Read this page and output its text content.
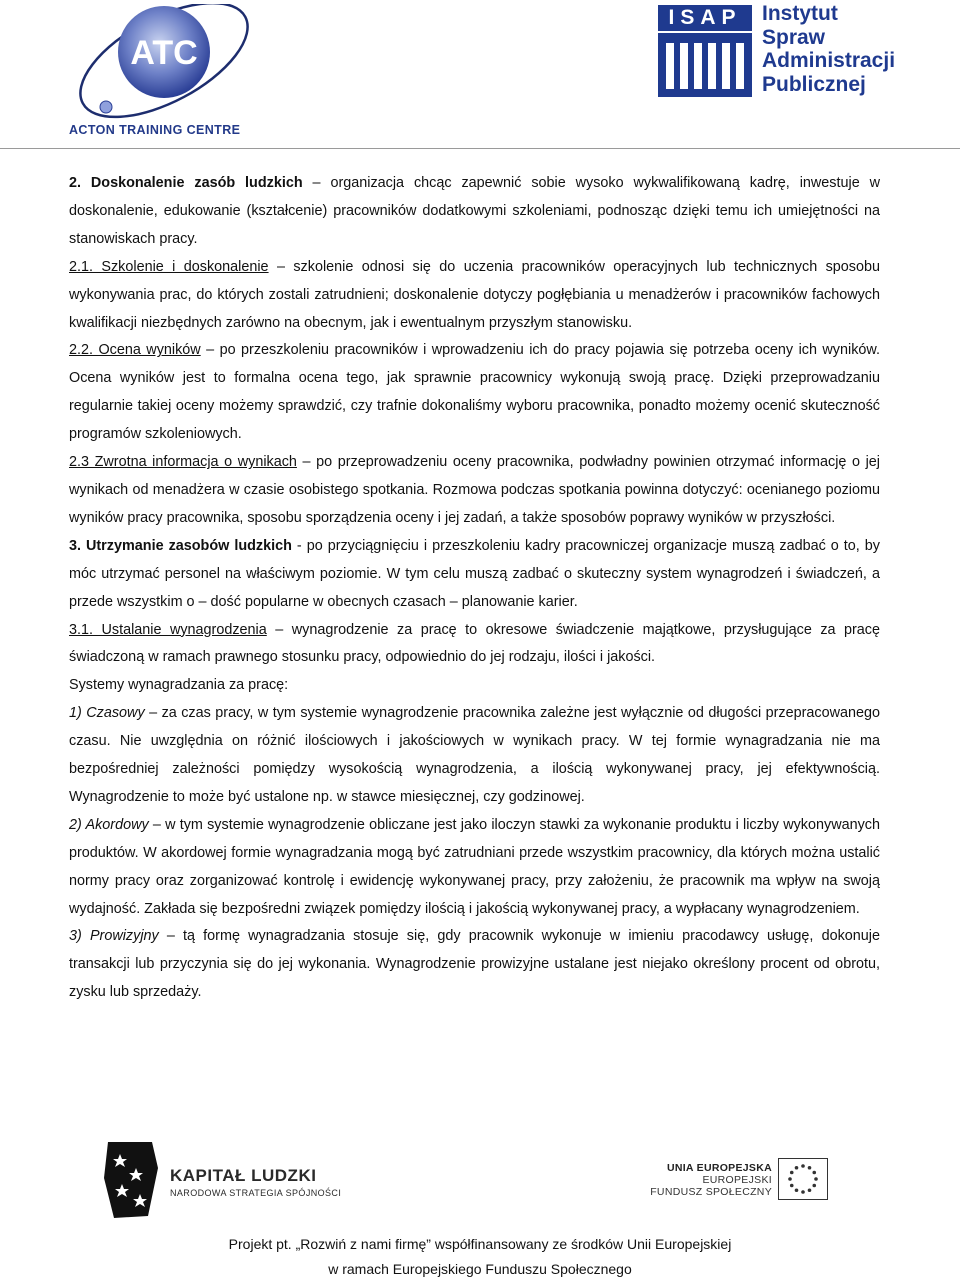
ATC
ACTON TRAINING CENTRE
ISAP Instytut
Spraw
Administracji
Publicznej

2. Doskonalenie zasób ludzkich – organizacja chcąc zapewnić sobie wysoko wykwalifikowaną kadrę, inwestuje w doskonalenie, edukowanie (kształcenie) pracowników dodatkowymi szkoleniami, podnosząc dzięki temu ich umiejętności na stanowiskach pracy.

2.1. Szkolenie i doskonalenie – szkolenie odnosi się do uczenia pracowników operacyjnych lub technicznych sposobu wykonywania prac, do których zostali zatrudnieni; doskonalenie dotyczy pogłębiania u menadżerów i pracowników fachowych kwalifikacji niezbędnych zarówno na obecnym, jak i ewentualnym przyszłym stanowisku.

2.2. Ocena wyników – po przeszkoleniu pracowników i wprowadzeniu ich do pracy pojawia się potrzeba oceny ich wyników. Ocena wyników jest to formalna ocena tego, jak sprawnie pracownicy wykonują swoją pracę. Dzięki przeprowadzaniu regularnie takiej oceny możemy sprawdzić, czy trafnie dokonaliśmy wyboru pracownika, ponadto możemy ocenić skuteczność programów szkoleniowych.

2.3 Zwrotna informacja o wynikach – po przeprowadzeniu oceny pracownika, podwładny powinien otrzymać informację o jej wynikach od menadżera w czasie osobistego spotkania. Rozmowa podczas spotkania powinna dotyczyć: ocenianego poziomu wyników pracy pracownika, sposobu sporządzenia oceny i jej zadań, a także sposobów poprawy wyników w przyszłości.

3. Utrzymanie zasobów ludzkich - po przyciągnięciu i przeszkoleniu kadry pracowniczej organizacje muszą zadbać o to, by móc utrzymać personel na właściwym poziomie. W tym celu muszą zadbać o skuteczny system wynagrodzeń i świadczeń, a przede wszystkim o – dość popularne w obecnych czasach – planowanie karier.

3.1. Ustalanie wynagrodzenia – wynagrodzenie za pracę to okresowe świadczenie majątkowe, przysługujące za pracę świadczoną w ramach prawnego stosunku pracy, odpowiednio do jej rodzaju, ilości i jakości.

Systemy wynagradzania za pracę:

1) Czasowy – za czas pracy, w tym systemie wynagrodzenie pracownika zależne jest wyłącznie od długości przepracowanego czasu. Nie uwzględnia on różnić ilościowych i jakościowych w wynikach pracy. W tej formie wynagradzania nie ma bezpośredniej zależności pomiędzy wysokością wynagrodzenia, a ilością wykonywanej pracy, jej efektywnością. Wynagrodzenie to może być ustalone np. w stawce miesięcznej, czy godzinowej.

2) Akordowy – w tym systemie wynagrodzenie obliczane jest jako iloczyn stawki za wykonanie produktu i liczby wykonywanych produktów. W akordowej formie wynagradzania mogą być zatrudniani przede wszystkim pracownicy, dla których można ustalić normy pracy oraz zorganizować kontrolę i ewidencję wykonywanej pracy, przy założeniu, że pracownik ma wpływ na swoją wydajność. Zakłada się bezpośredni związek pomiędzy ilością i jakością wykonywanej pracy, a wypłacany wynagrodzeniem.

3) Prowizyjny – tą formę wynagradzania stosuje się, gdy pracownik wykonuje w imieniu pracodawcy usługę, dokonuje transakcji lub przyczynia się do jej wykonania. Wynagrodzenie prowizyjne ustalane jest niejako określony procent od obrotu, zysku lub sprzedaży.

KAPITAŁ LUDZKI
NARODOWA STRATEGIA SPÓJNOŚCI
UNIA EUROPEJSKA
EUROPEJSKI
FUNDUSZ SPOŁECZNY
Projekt pt. „Rozwiń z nami firmę” współfinansowany ze środków Unii Europejskiej
w ramach Europejskiego Funduszu Społecznego
